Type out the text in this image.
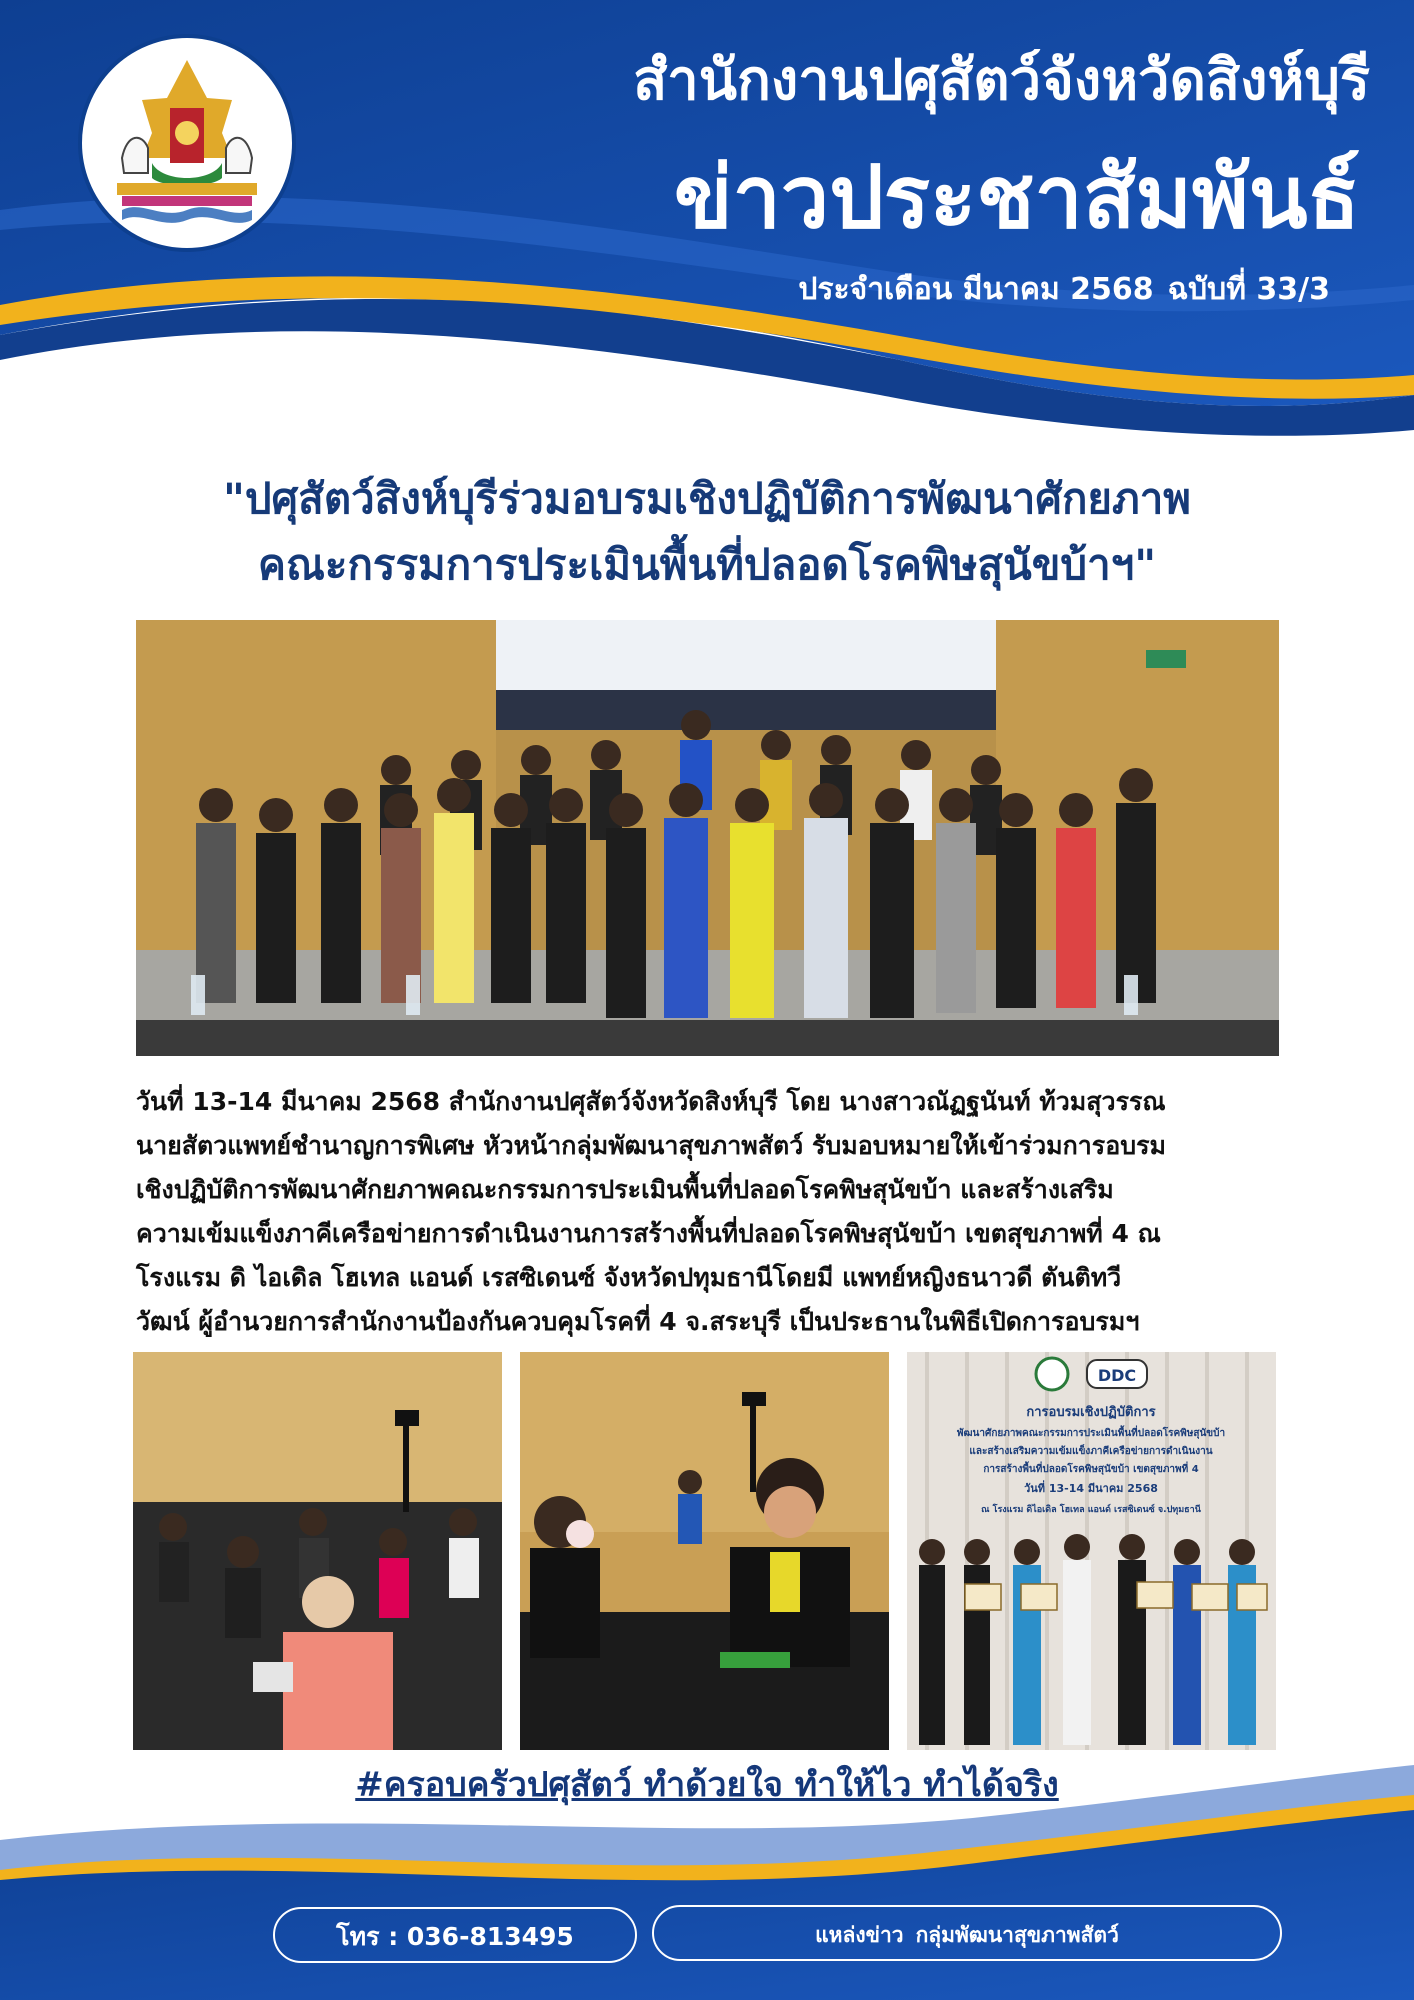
สำนักงานปศุสัตว์จังหวัดสิงห์บุรี
ข่าวประชาสัมพันธ์
ประจำเดือน มีนาคม 2568 ฉบับที่ 33/3
"ปศุสัตว์สิงห์บุรีร่วมอบรมเชิงปฏิบัติการพัฒนาศักยภาพ
คณะกรรมการประเมินพื้นที่ปลอดโรคพิษสุนัขบ้าฯ"

วันที่ 13-14 มีนาคม 2568 สำนักงานปศุสัตว์จังหวัดสิงห์บุรี โดย นางสาวณัฏฐนันท์ ท้วมสุวรรณ

นายสัตวแพทย์ชำนาญการพิเศษ หัวหน้ากลุ่มพัฒนาสุขภาพสัตว์ รับมอบหมายให้เข้าร่วมการอบรม

เชิงปฏิบัติการพัฒนาศักยภาพคณะกรรมการประเมินพื้นที่ปลอดโรคพิษสุนัขบ้า และสร้างเสริม

ความเข้มแข็งภาคีเครือข่ายการดำเนินงานการสร้างพื้นที่ปลอดโรคพิษสุนัขบ้า เขตสุขภาพที่ 4 ณ

โรงแรม ดิ ไอเดิล โฮเทล แอนด์ เรสซิเดนซ์ จังหวัดปทุมธานีโดยมี แพทย์หญิงธนาวดี ตันติทวี

วัฒน์ ผู้อำนวยการสำนักงานป้องกันควบคุมโรคที่ 4 จ.สระบุรี เป็นประธานในพิธีเปิดการอบรมฯ

DDC
การอบรมเชิงปฏิบัติการ
พัฒนาศักยภาพคณะกรรมการประเมินพื้นที่ปลอดโรคพิษสุนัขบ้า
และสร้างเสริมความเข้มแข็งภาคีเครือข่ายการดำเนินงาน
การสร้างพื้นที่ปลอดโรคพิษสุนัขบ้า เขตสุขภาพที่ 4
วันที่ 13-14 มีนาคม 2568
ณ โรงแรม ดิไอเดิล โฮเทล แอนด์ เรสซิเดนซ์ จ.ปทุมธานี
#ครอบครัวปศุสัตว์ ทำด้วยใจ ทำให้ไว ทำได้จริง
โทร : 036-813495	แหล่งข่าว กลุ่มพัฒนาสุขภาพสัตว์
